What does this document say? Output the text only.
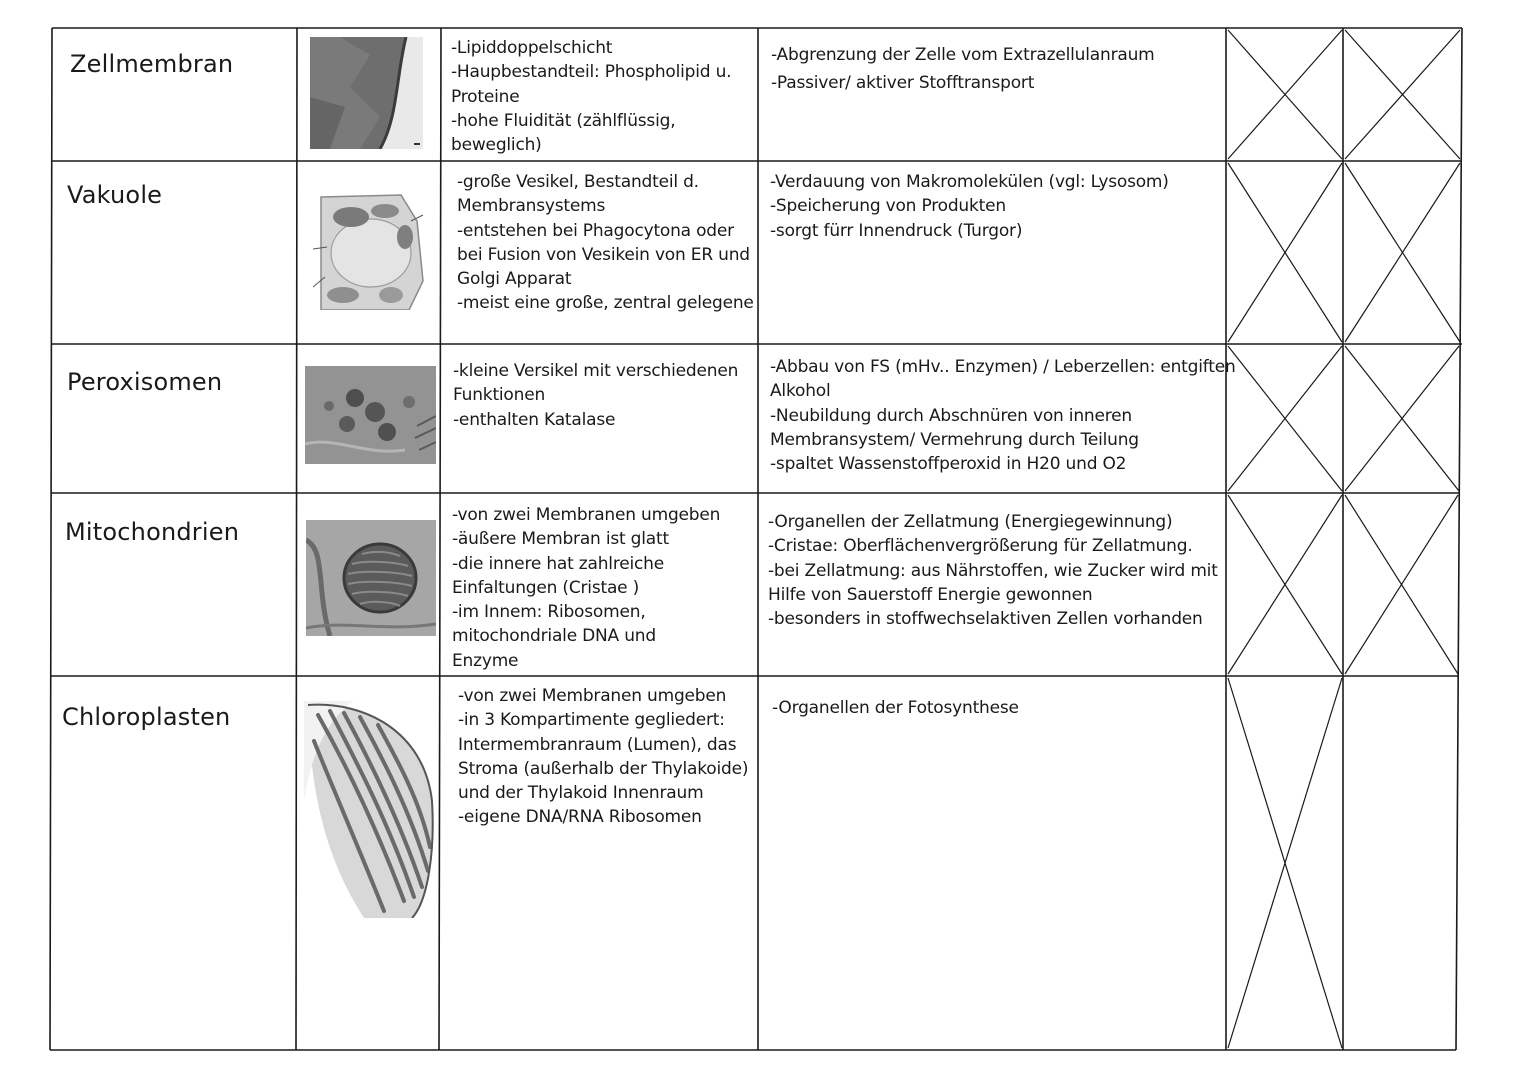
Zellmembran
-Lipiddoppelschicht
-Haupbestandteil: Phospholipid u.
Proteine
-hohe Fluidität (zählflüssig,
beweglich)
-Abgrenzung der Zelle vom Extrazellulanraum
-Passiver/ aktiver Stofftransport
Vakuole	-große Vesikel, Bestandteil d.
Membransystems
-entstehen bei Phagocytona oder
bei Fusion von Vesikein von ER und
Golgi Apparat
-meist eine große, zentral gelegene
-Verdauung von Makromolekülen (vgl: Lysosom)
-Speicherung von Produkten
-sorgt fürr Innendruck (Turgor)
Peroxisomen	-kleine Versikel mit verschiedenen
Funktionen
-enthalten Katalase
-Abbau von FS (mHv.. Enzymen) / Leberzellen: entgiften
Alkohol
-Neubildung durch Abschnüren von inneren
Membransystem/ Vermehrung durch Teilung
-spaltet Wassenstoffperoxid in H20 und O2
Mitochondrien
-von zwei Membranen umgeben
-äußere Membran ist glatt
-die innere hat zahlreiche
Einfaltungen (Cristae )
-im Innem: Ribosomen,
mitochondriale DNA und
Enzyme
-Organellen der Zellatmung (Energiegewinnung)
-Cristae: Oberflächenvergrößerung für Zellatmung.
-bei Zellatmung: aus Nährstoffen, wie Zucker wird mit
Hilfe von Sauerstoff Energie gewonnen
-besonders in stoffwechselaktiven Zellen vorhanden
Chloroplasten
-von zwei Membranen umgeben
-in 3 Kompartimente gegliedert:
Intermembranraum (Lumen), das
Stroma (außerhalb der Thylakoide)
und der Thylakoid Innenraum
-eigene DNA/RNA Ribosomen
-Organellen der Fotosynthese
